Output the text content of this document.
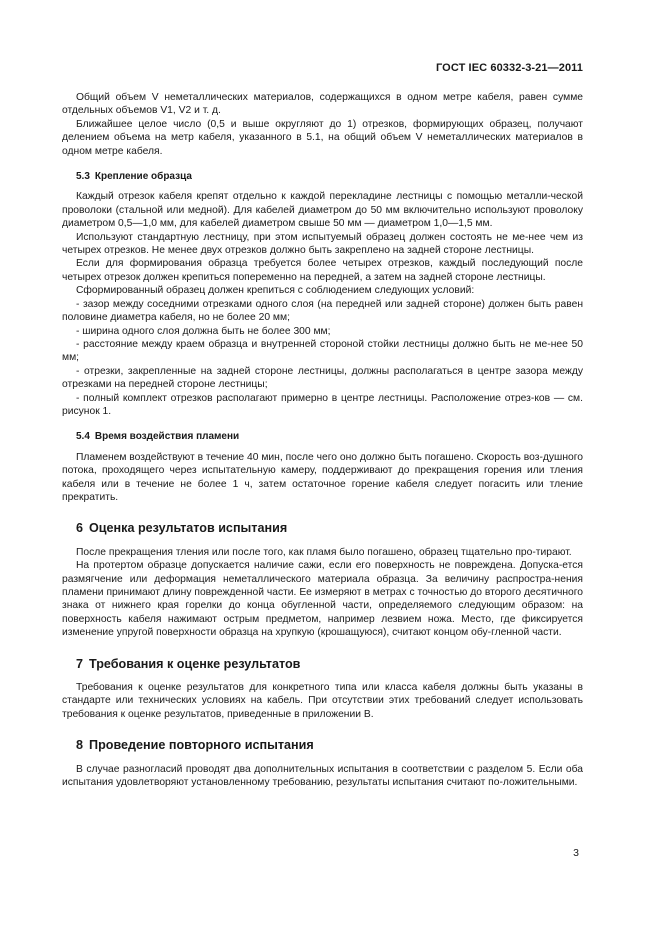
ГОСТ IEC 60332-3-21—2011

Общий объем V неметаллических материалов, содержащихся в одном метре кабеля, равен сумме отдельных объемов V1, V2 и т. д.

Ближайшее целое число (0,5 и выше округляют до 1) отрезков, формирующих образец, получают делением объема на метр кабеля, указанного в 5.1, на общий объем V неметаллических материалов в одном метре кабеля.

5.3 Крепление образца

Каждый отрезок кабеля крепят отдельно к каждой перекладине лестницы с помощью металли-ческой проволоки (стальной или медной). Для кабелей диаметром до 50 мм включительно используют проволоку диаметром 0,5—1,0 мм, для кабелей диаметром свыше 50 мм — диаметром 1,0—1,5 мм.

Используют стандартную лестницу, при этом испытуемый образец должен состоять не ме-нее чем из четырех отрезков. Не менее двух отрезков должно быть закреплено на задней стороне лестницы.

Если для формирования образца требуется более четырех отрезков, каждый последующий после четырех отрезок должен крепиться попеременно на передней, а затем на задней стороне лестницы.

Сформированный образец должен крепиться с соблюдением следующих условий:

- зазор между соседними отрезками одного слоя (на передней или задней стороне) должен быть равен половине диаметра кабеля, но не более 20 мм;

- ширина одного слоя должна быть не более 300 мм;

- расстояние между краем образца и внутренней стороной стойки лестницы должно быть не ме-нее 50 мм;

- отрезки, закрепленные на задней стороне лестницы, должны располагаться в центре зазора между отрезками на передней стороне лестницы;

- полный комплект отрезков располагают примерно в центре лестницы. Расположение отрез-ков — см. рисунок 1.

5.4 Время воздействия пламени

Пламенем воздействуют в течение 40 мин, после чего оно должно быть погашено. Скорость воз-душного потока, проходящего через испытательную камеру, поддерживают до прекращения горения или тления кабеля или в течение не более 1 ч, затем остаточное горение кабеля следует погасить или тление прекратить.

6 Оценка результатов испытания

После прекращения тления или после того, как пламя было погашено, образец тщательно про-тирают.

На протертом образце допускается наличие сажи, если его поверхность не повреждена. Допуска-ется размягчение или деформация неметаллического материала образца. За величину распростра-нения пламени принимают длину поврежденной части. Ее измеряют в метрах с точностью до второго десятичного знака от нижнего края горелки до конца обугленной части, определяемого следующим образом: на поверхность кабеля нажимают острым предметом, например лезвием ножа. Место, где фиксируется изменение упругой поверхности образца на хрупкую (крошащуюся), считают концом обу-гленной части.

7 Требования к оценке результатов

Требования к оценке результатов для конкретного типа или класса кабеля должны быть указаны в стандарте или технических условиях на кабель. При отсутствии этих требований следует использовать требования к оценке результатов, приведенные в приложении В.

8 Проведение повторного испытания

В случае разногласий проводят два дополнительных испытания в соответствии с разделом 5. Если оба испытания удовлетворяют установленному требованию, результаты испытания считают по-ложительными.

3
